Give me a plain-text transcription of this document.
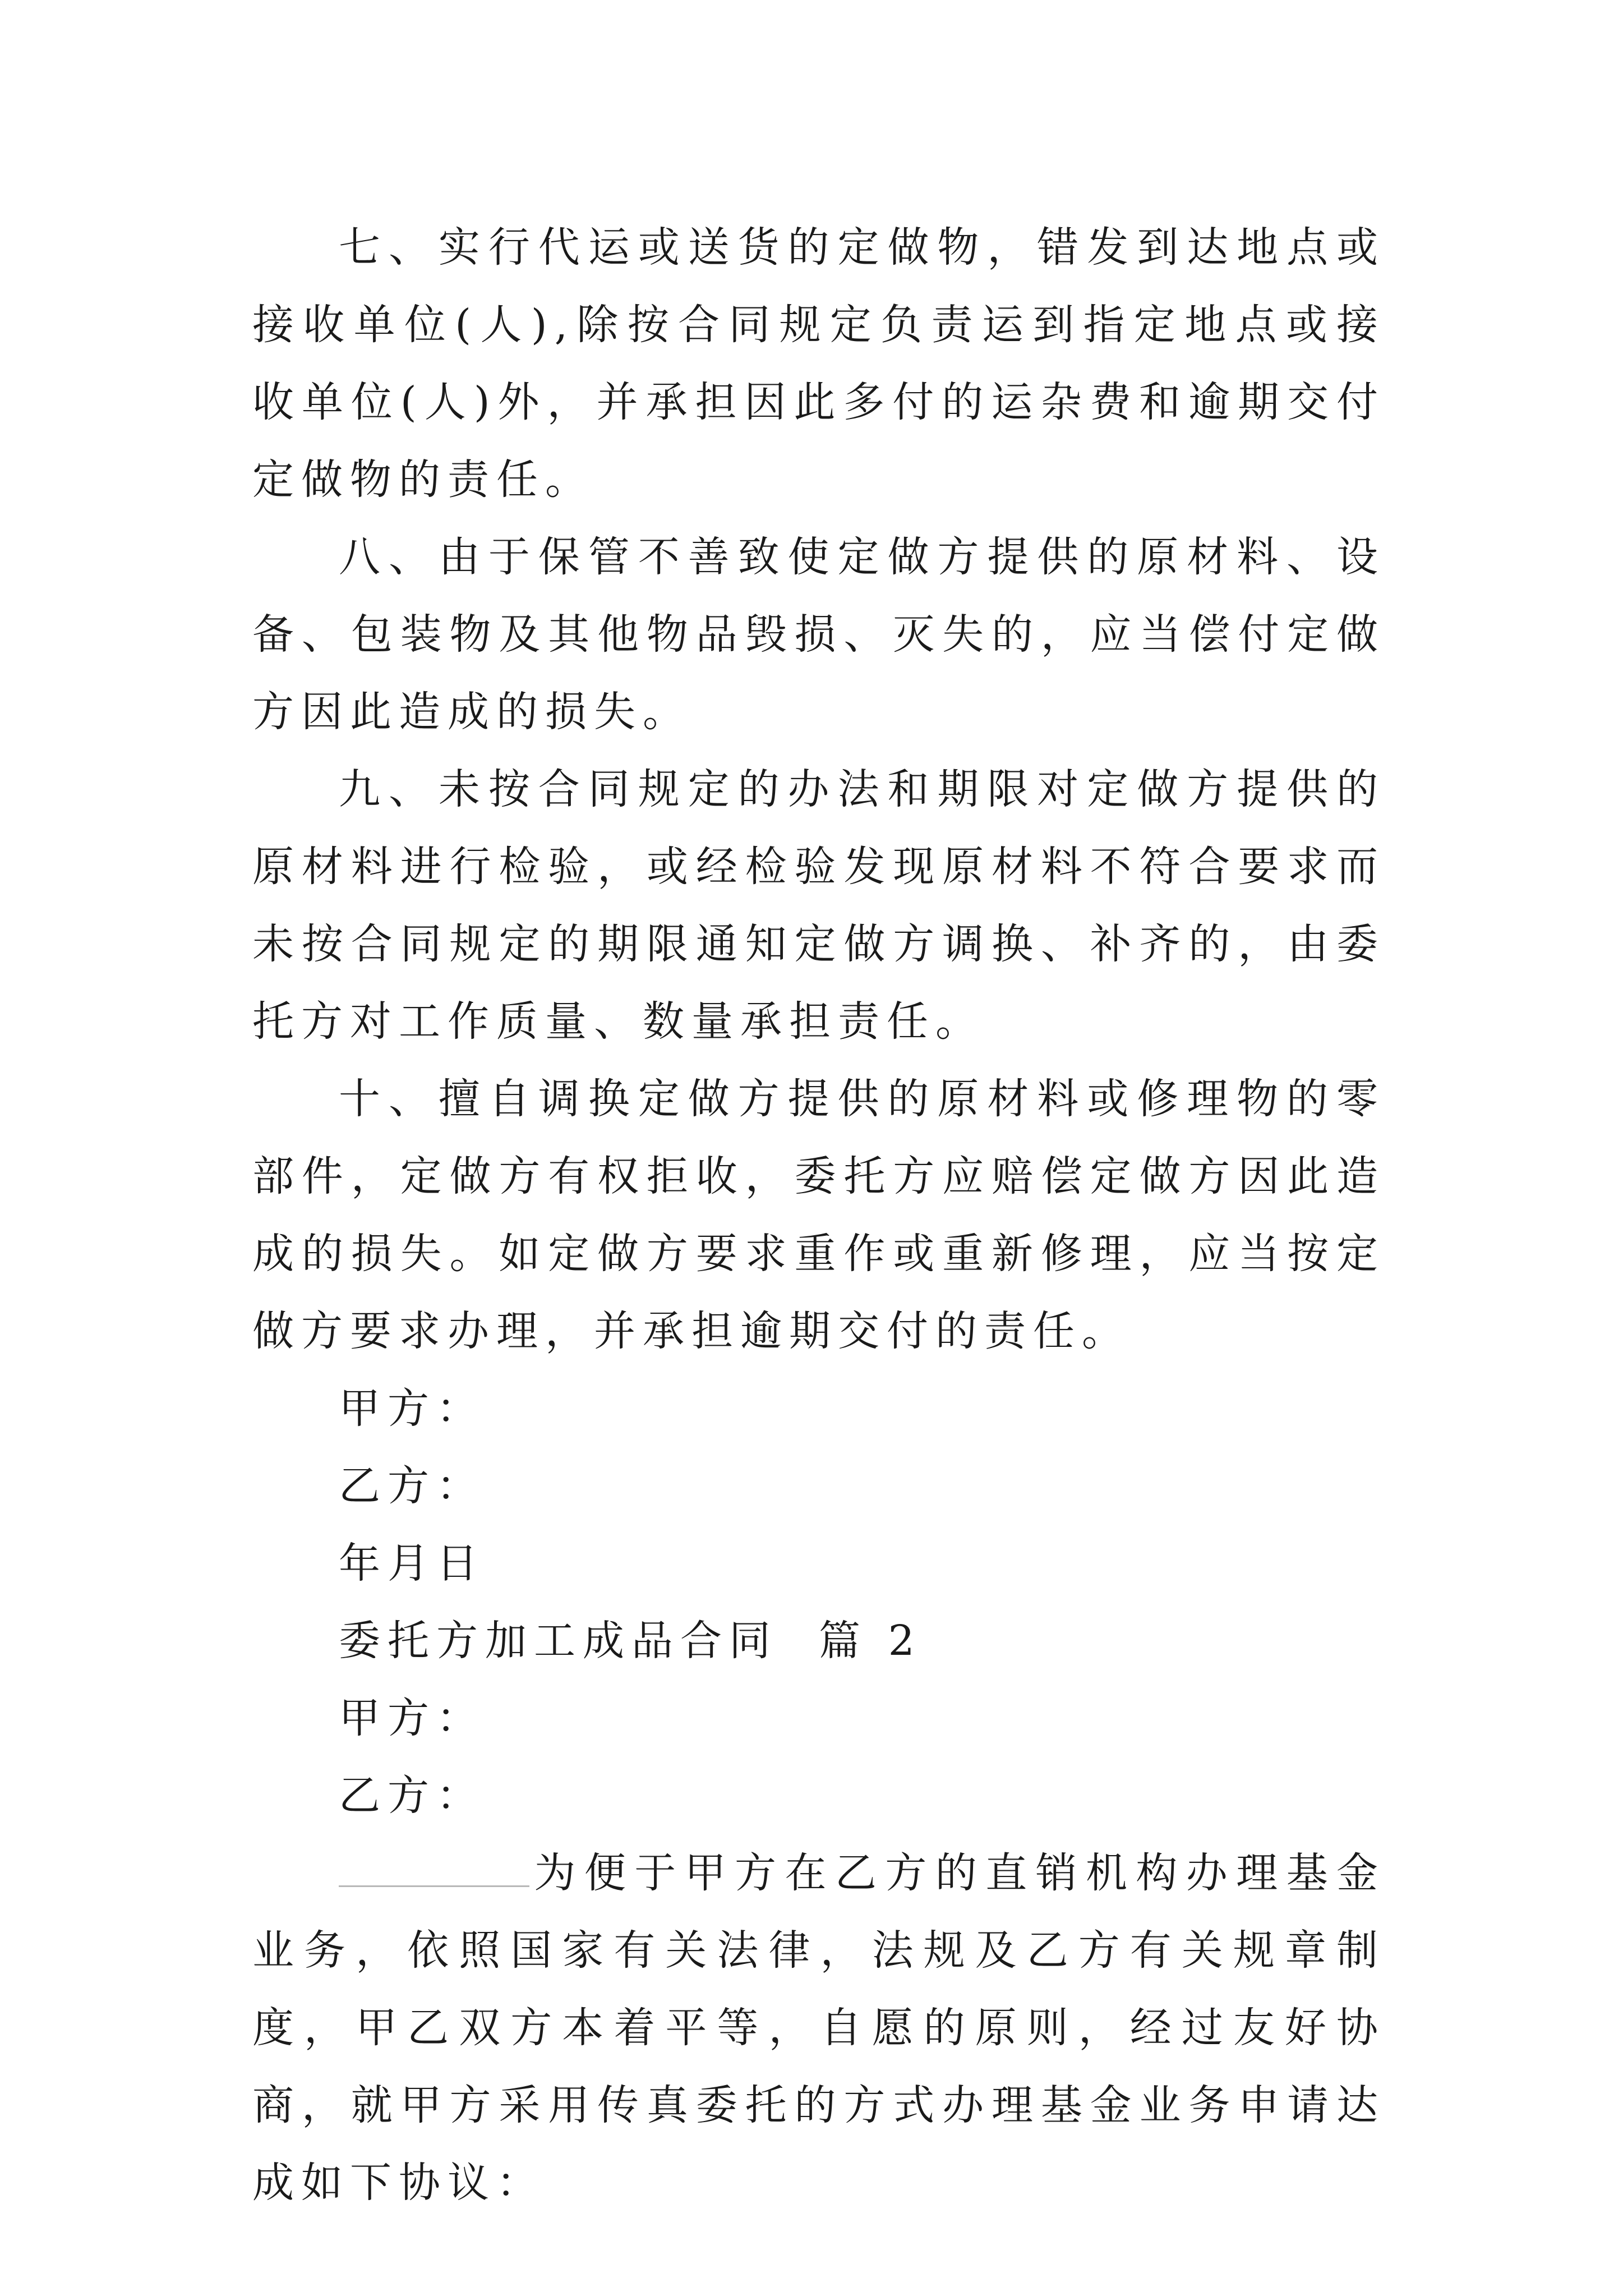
七、实行代运或送货的定做物，错发到达地点或接收单位(人),除按合同规定负责运到指定地点或接收单位(人)外，并承担因此多付的运杂费和逾期交付定做物的责任。

八、由于保管不善致使定做方提供的原材料、设备、包装物及其他物品毁损、灭失的，应当偿付定做方因此造成的损失。

九、未按合同规定的办法和期限对定做方提供的原材料进行检验，或经检验发现原材料不符合要求而未按合同规定的期限通知定做方调换、补齐的，由委托方对工作质量、数量承担责任。

十、擅自调换定做方提供的原材料或修理物的零部件，定做方有权拒收，委托方应赔偿定做方因此造成的损失。如定做方要求重作或重新修理，应当按定做方要求办理，并承担逾期交付的责任。

甲方：

乙方：

年月日

委托方加工成品合同  篇 2

甲方：

乙方：

为便于甲方在乙方的直销机构办理基金业务，依照国家有关法律，法规及乙方有关规章制度，甲乙双方本着平等，自愿的原则，经过友好协商，就甲方采用传真委托的方式办理基金业务申请达成如下协议：
